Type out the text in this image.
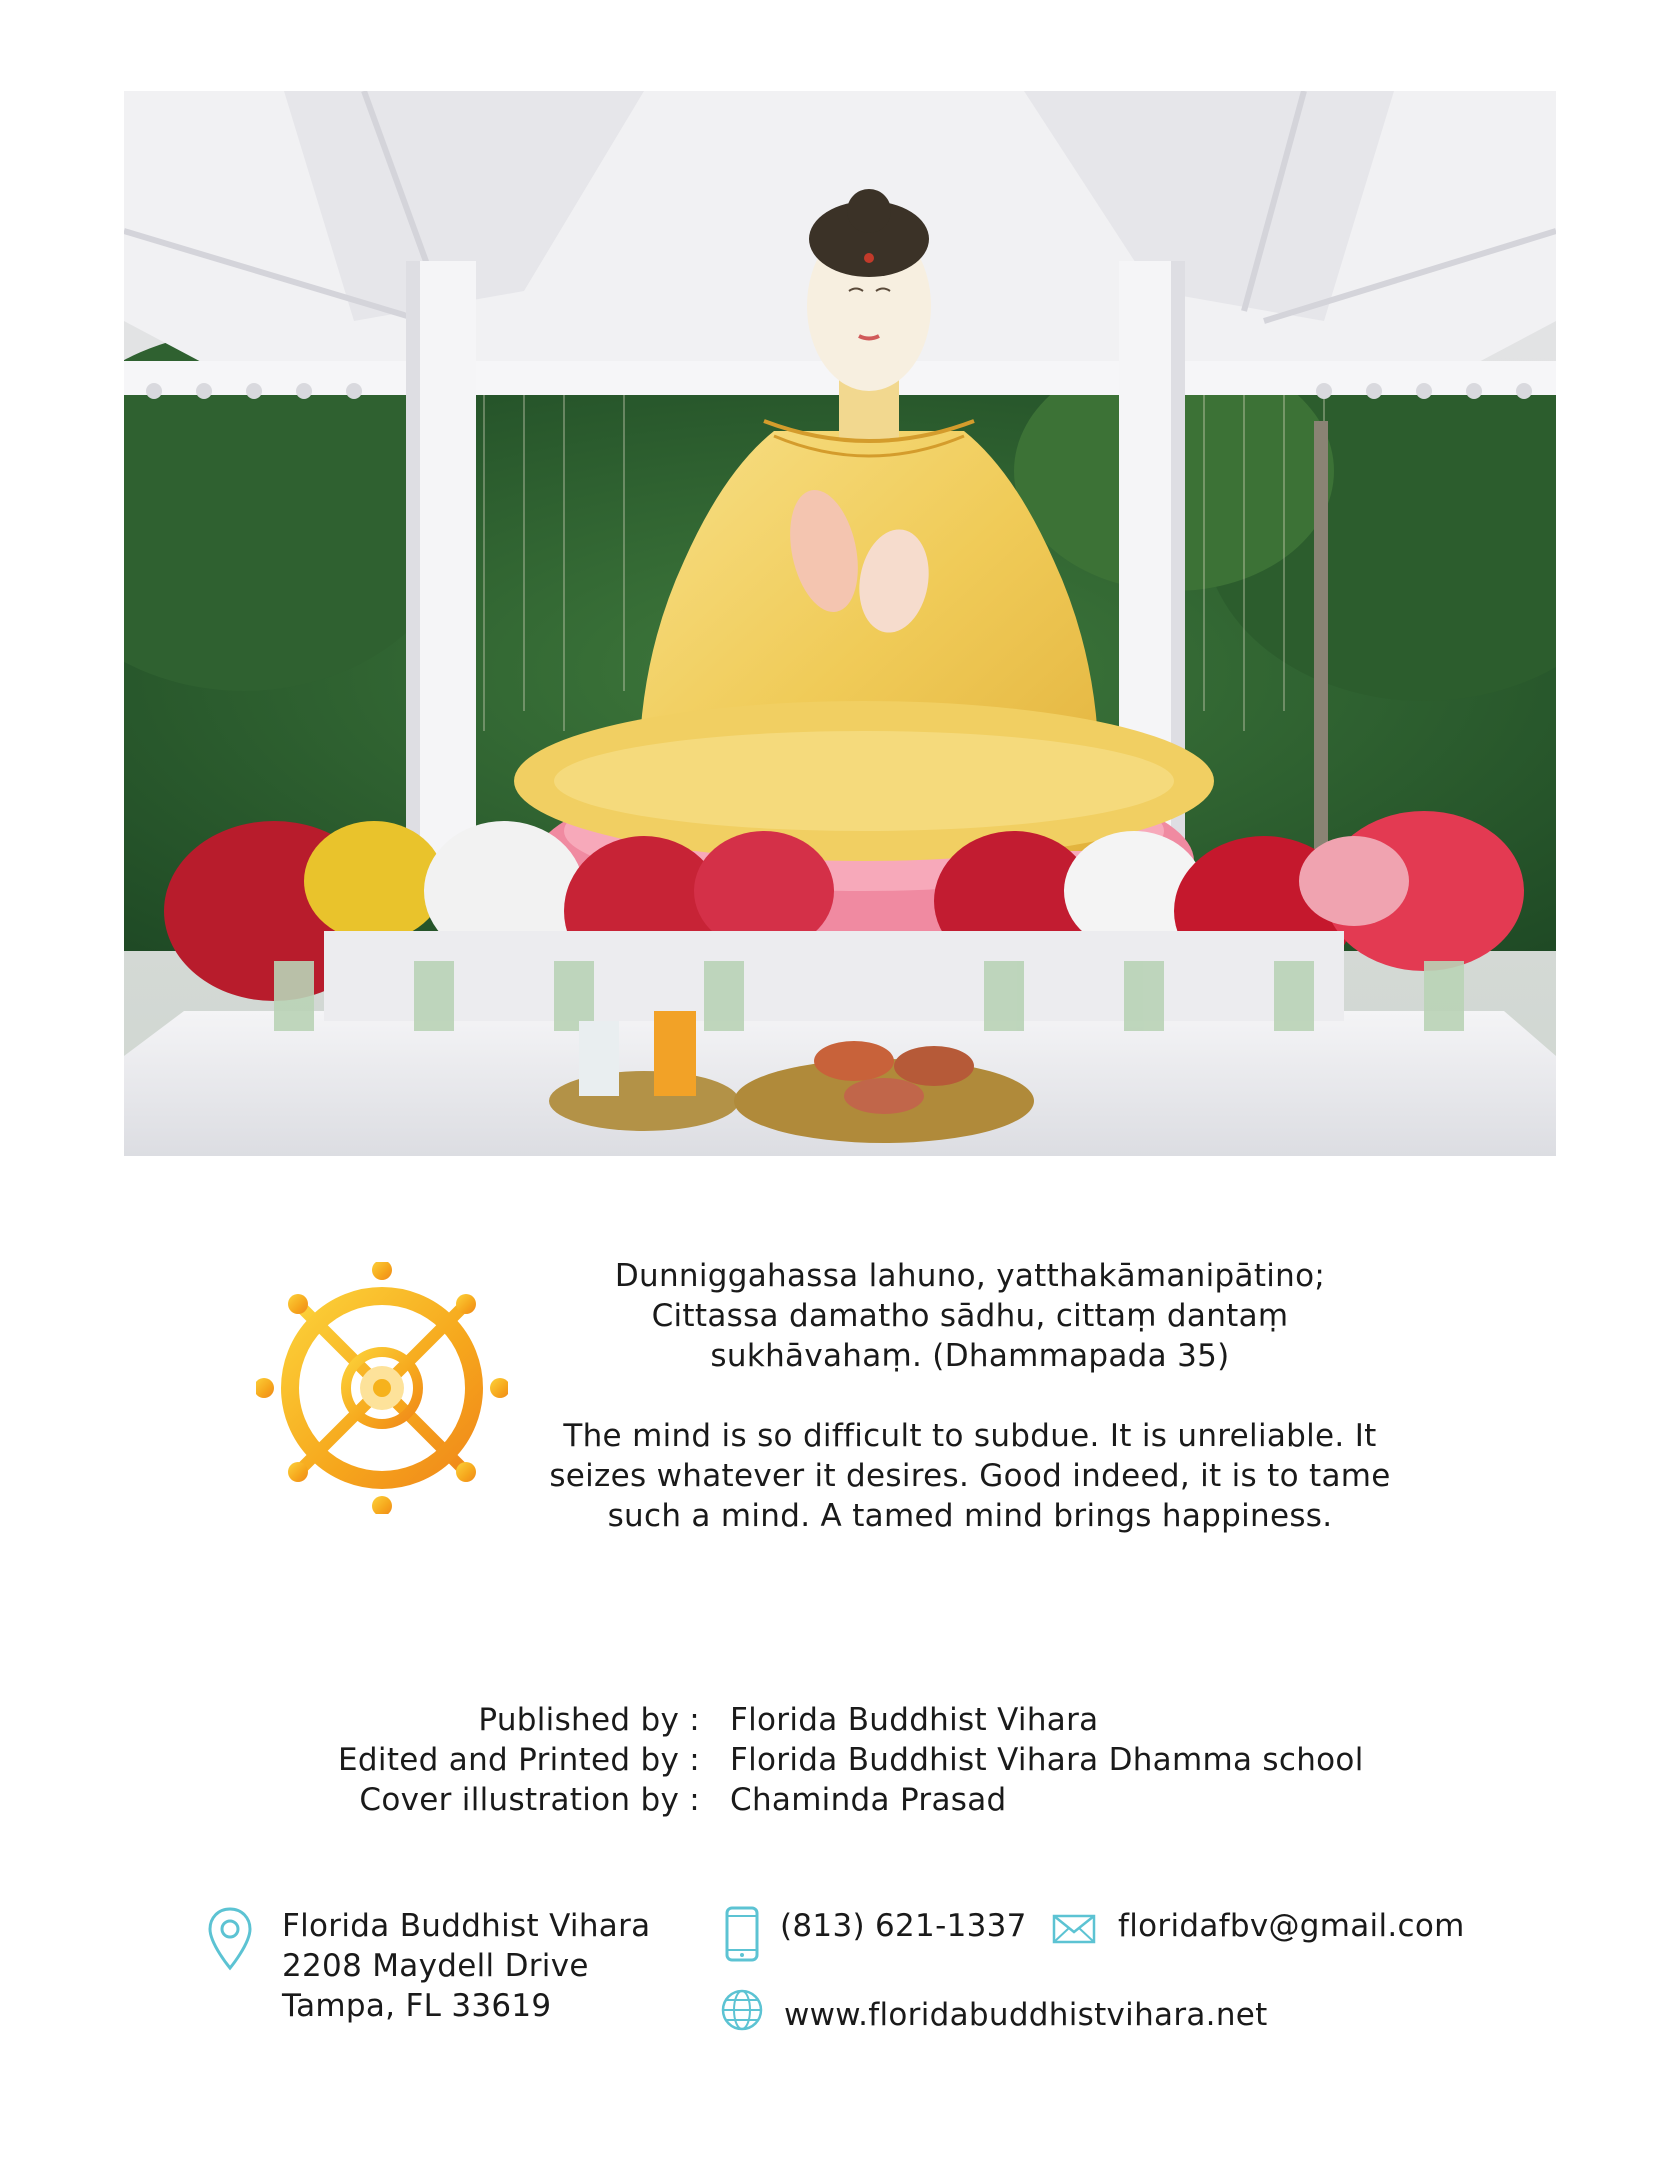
Dunniggahassa lahuno, yatthakāmanipātino;
Cittassa damatho sādhu, cittaṃ dantaṃ
sukhāvahaṃ. (Dhammapada 35)

The mind is so difficult to subdue. It is unreliable. It
seizes whatever it desires. Good indeed, it is to tame
such a mind. A tamed mind brings happiness.

Published by : Florida Buddhist Vihara
Edited and Printed by : Florida Buddhist Vihara Dhamma school
Cover illustration by : Chaminda Prasad
Florida Buddhist Vihara
2208 Maydell Drive
Tampa, FL 33619
(813) 621-1337	floridafbv@gmail.com
www.floridabuddhistvihara.net
